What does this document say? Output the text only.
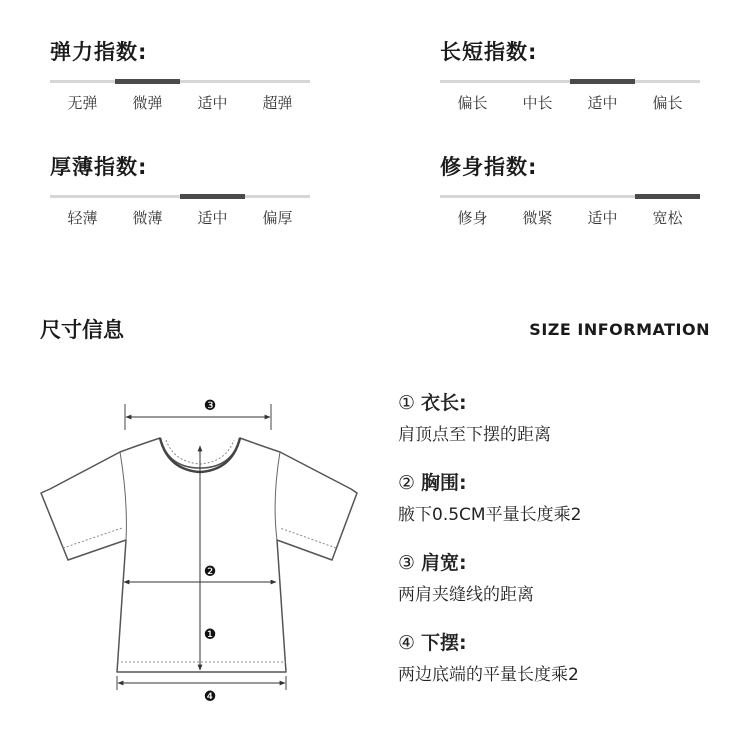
弹力指数:
无弹	微弹	适中	超弹
长短指数:
偏长	中长	适中	偏长
厚薄指数:
轻薄	微薄	适中	偏厚
修身指数:
修身	微紧	适中	宽松
尺寸信息	SIZE INFORMATION
❸
❷
❶
❹
① 衣长:
肩顶点至下摆的距离
② 胸围:
腋下0.5CM平量长度乘2
③ 肩宽:
两肩夹缝线的距离
④ 下摆:
两边底端的平量长度乘2
